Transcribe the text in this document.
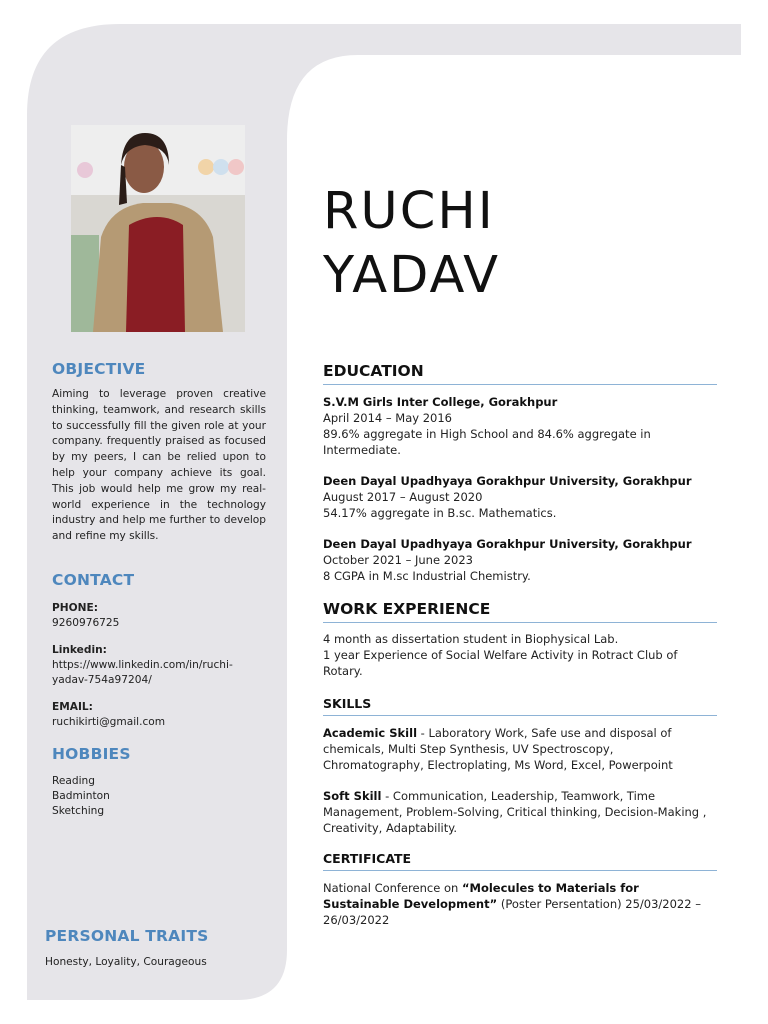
OBJECTIVE

Aiming to leverage proven creative thinking, teamwork, and research skills to successfully fill the given role at your company. frequently praised as focused by my peers, I can be relied upon to help your company achieve its goal. This job would help me grow my real-world experience in the technology industry and help me further to develop and refine my skills.

CONTACT
PHONE:
9260976725
Linkedin:
https://www.linkedin.com/in/ruchi-
yadav-754a97204/
EMAIL:
ruchikirti@gmail.com
HOBBIES
Reading
Badminton
Sketching
PERSONAL TRAITS
Honesty, Loyality, Courageous
RUCHI
YADAV
EDUCATION
S.V.M Girls Inter College, Gorakhpur
April 2014 – May 2016
89.6% aggregate in High School and 84.6% aggregate in Intermediate.
Deen Dayal Upadhyaya Gorakhpur University, Gorakhpur
August 2017 – August 2020
54.17% aggregate in B.sc. Mathematics.
Deen Dayal Upadhyaya Gorakhpur University, Gorakhpur
October 2021 – June 2023
8 CGPA in M.sc Industrial Chemistry.
WORK EXPERIENCE
4 month as dissertation student in Biophysical Lab.
1 year Experience of Social Welfare Activity in Rotract Club of Rotary.
SKILLS
Academic Skill - Laboratory Work, Safe use and disposal of chemicals, Multi Step Synthesis, UV Spectroscopy, Chromatography, Electroplating, Ms Word, Excel, Powerpoint
Soft Skill - Communication, Leadership, Teamwork, Time Management, Problem-Solving, Critical thinking, Decision-Making , Creativity, Adaptability.
CERTIFICATE
National Conference on “Molecules to Materials for Sustainable Development” (Poster Persentation) 25/03/2022 – 26/03/2022
